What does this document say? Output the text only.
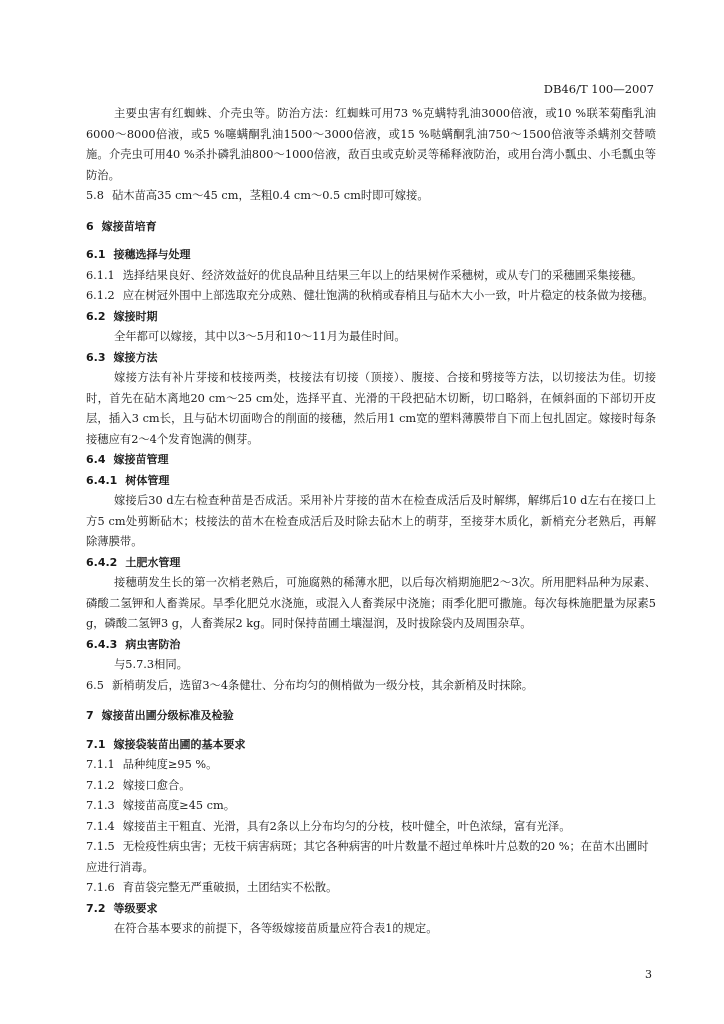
DB46/T 100—2007

主要虫害有红蜘蛛、介壳虫等。防治方法：红蜘蛛可用73 %克螨特乳油3000倍液，或10 %联苯菊酯乳油6000～8000倍液，或5 %噻螨酮乳油1500～3000倍液，或15 %哒螨酮乳油750～1500倍液等杀螨剂交替喷施。介壳虫可用40 %杀扑磷乳油800～1000倍液，敌百虫或克蚧灵等稀释液防治，或用台湾小瓢虫、小毛瓢虫等防治。

5.8 砧木苗高35 cm～45 cm，茎粗0.4 cm～0.5 cm时即可嫁接。
6 嫁接苗培育
6.1 接穗选择与处理
6.1.1 选择结果良好、经济效益好的优良品种且结果三年以上的结果树作采穗树，或从专门的采穗圃采集接穗。
6.1.2 应在树冠外围中上部选取充分成熟、健壮饱满的秋梢或春梢且与砧木大小一致，叶片稳定的枝条做为接穗。
6.2 嫁接时期

全年都可以嫁接，其中以3～5月和10～11月为最佳时间。

6.3 嫁接方法

嫁接方法有补片芽接和枝接两类，枝接法有切接（顶接）、腹接、合接和劈接等方法，以切接法为佳。切接时，首先在砧木离地20 cm～25 cm处，选择平直、光滑的干段把砧木切断，切口略斜，在倾斜面的下部切开皮层，插入3 cm长，且与砧木切面吻合的削面的接穗，然后用1 cm宽的塑料薄膜带自下而上包扎固定。嫁接时每条接穗应有2～4个发育饱满的侧芽。

6.4 嫁接苗管理
6.4.1 树体管理

嫁接后30 d左右检查种苗是否成活。采用补片芽接的苗木在检查成活后及时解绑，解绑后10 d左右在接口上方5 cm处剪断砧木；枝接法的苗木在检查成活后及时除去砧木上的萌芽，至接芽木质化，新梢充分老熟后，再解除薄膜带。

6.4.2 土肥水管理

接穗萌发生长的第一次梢老熟后，可施腐熟的稀薄水肥，以后每次梢期施肥2～3次。所用肥料品种为尿素、磷酸二氢钾和人畜粪尿。旱季化肥兑水浇施，或混入人畜粪尿中浇施；雨季化肥可撒施。每次每株施肥量为尿素5 g，磷酸二氢钾3 g，人畜粪尿2 kg。同时保持苗圃土壤湿润，及时拔除袋内及周围杂草。

6.4.3 病虫害防治

与5.7.3相同。

6.5 新梢萌发后，选留3～4条健壮、分布均匀的侧梢做为一级分枝，其余新梢及时抹除。
7 嫁接苗出圃分级标准及检验
7.1 嫁接袋装苗出圃的基本要求
7.1.1 品种纯度≥95 %。
7.1.2 嫁接口愈合。
7.1.3 嫁接苗高度≥45 cm。
7.1.4 嫁接苗主干粗直、光滑，具有2条以上分布均匀的分枝，枝叶健全，叶色浓绿，富有光泽。
7.1.5 无检疫性病虫害；无枝干病害病斑；其它各种病害的叶片数量不超过单株叶片总数的20 %；在苗木出圃时应进行消毒。
7.1.6 育苗袋完整无严重破损，土团结实不松散。
7.2 等级要求

在符合基本要求的前提下，各等级嫁接苗质量应符合表1的规定。

3
